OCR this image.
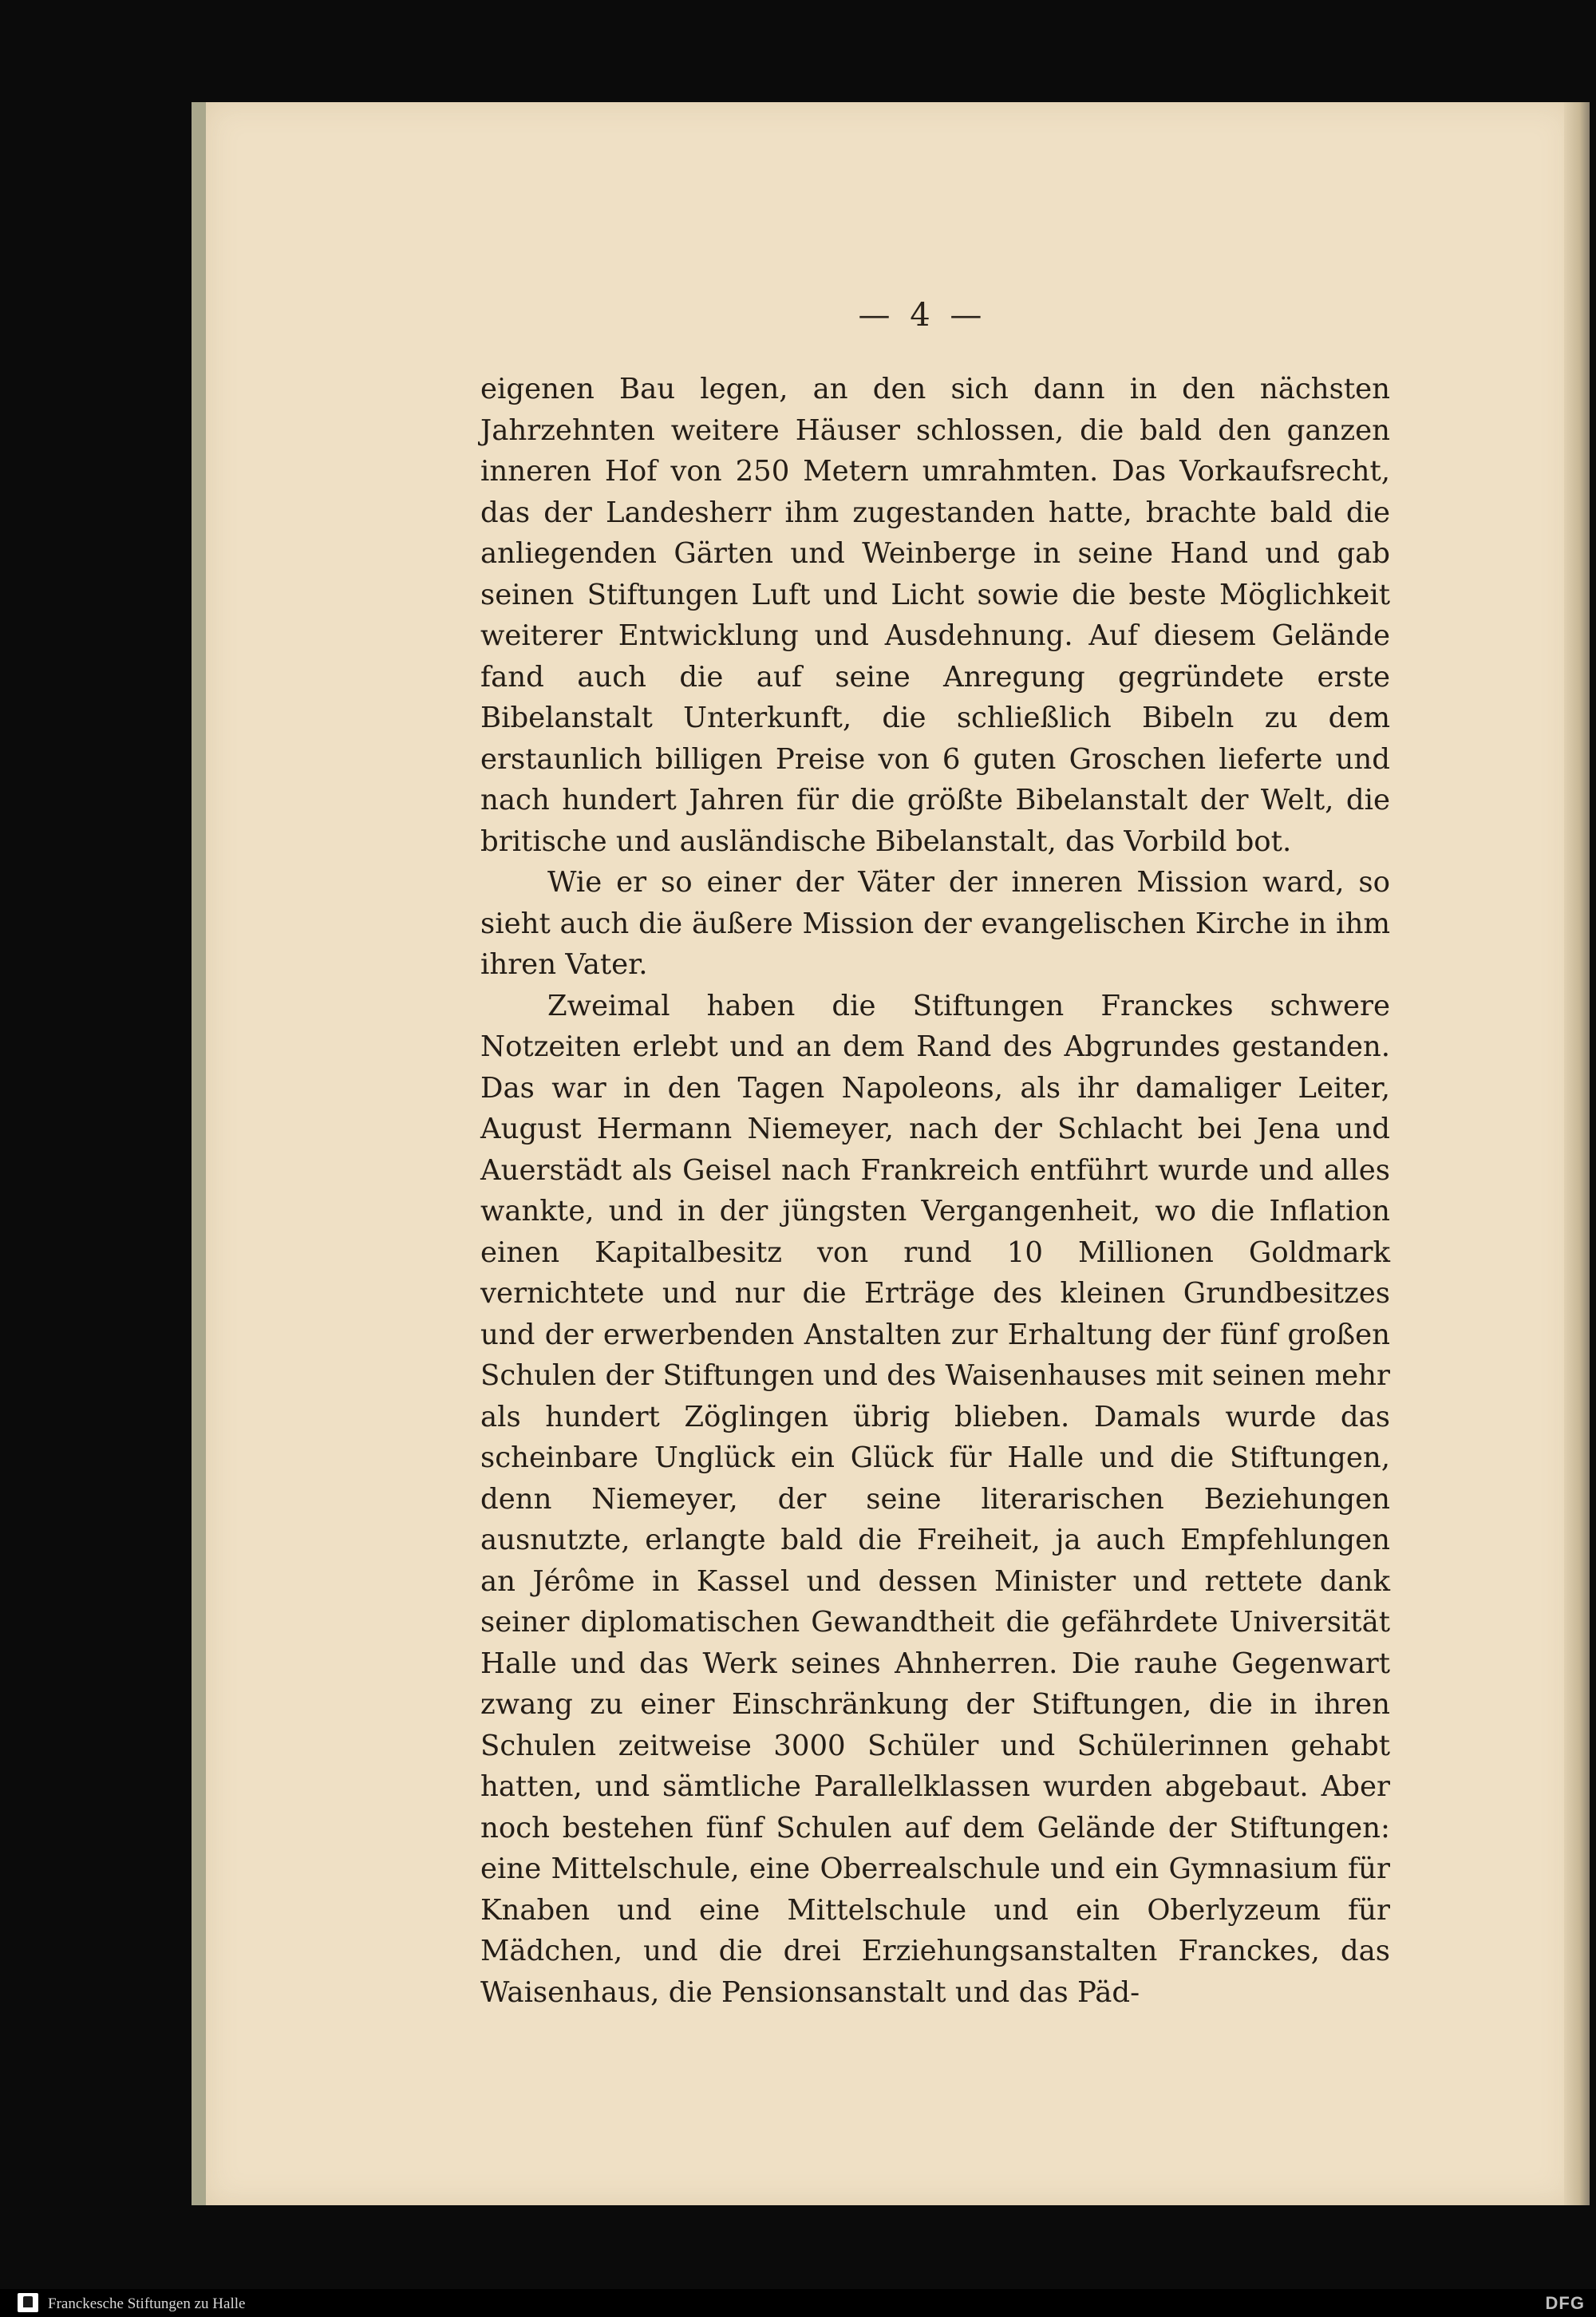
— 4 —

eigenen Bau legen, an den sich dann in den nächsten Jahrzehnten weitere Häuser schlossen, die bald den ganzen inneren Hof von 250 Metern umrahmten. Das Vorkaufsrecht, das der Landesherr ihm zugestanden hatte, brachte bald die anliegenden Gärten und Weinberge in seine Hand und gab seinen Stiftungen Luft und Licht sowie die beste Möglichkeit weiterer Entwicklung und Ausdehnung. Auf diesem Gelände fand auch die auf seine Anregung gegründete erste Bibelanstalt Unterkunft, die schließlich Bibeln zu dem erstaunlich billigen Preise von 6 guten Groschen lieferte und nach hundert Jahren für die größte Bibelanstalt der Welt, die britische und ausländische Bibelanstalt, das Vorbild bot.

Wie er so einer der Väter der inneren Mission ward, so sieht auch die äußere Mission der evangelischen Kirche in ihm ihren Vater.

Zweimal haben die Stiftungen Franckes schwere Notzeiten erlebt und an dem Rand des Abgrundes gestanden. Das war in den Tagen Napoleons, als ihr damaliger Leiter, August Hermann Niemeyer, nach der Schlacht bei Jena und Auerstädt als Geisel nach Frankreich entführt wurde und alles wankte, und in der jüngsten Vergangenheit, wo die Inflation einen Kapitalbesitz von rund 10 Millionen Goldmark vernichtete und nur die Erträge des kleinen Grundbesitzes und der erwerbenden Anstalten zur Erhaltung der fünf großen Schulen der Stiftungen und des Waisenhauses mit seinen mehr als hundert Zöglingen übrig blieben. Damals wurde das scheinbare Unglück ein Glück für Halle und die Stiftungen, denn Niemeyer, der seine literarischen Beziehungen ausnutzte, erlangte bald die Freiheit, ja auch Empfehlungen an Jérôme in Kassel und dessen Minister und rettete dank seiner diplomatischen Gewandtheit die gefährdete Universität Halle und das Werk seines Ahnherren. Die rauhe Gegenwart zwang zu einer Einschränkung der Stiftungen, die in ihren Schulen zeitweise 3000 Schüler und Schülerinnen gehabt hatten, und sämtliche Parallelklassen wurden abgebaut. Aber noch bestehen fünf Schulen auf dem Gelände der Stiftungen: eine Mittelschule, eine Oberrealschule und ein Gymnasium für Knaben und eine Mittelschule und ein Oberlyzeum für Mädchen, und die drei Erziehungsanstalten Franckes, das Waisenhaus, die Pensionsanstalt und das Päd-

Franckesche Stiftungen zu Halle	DFG
